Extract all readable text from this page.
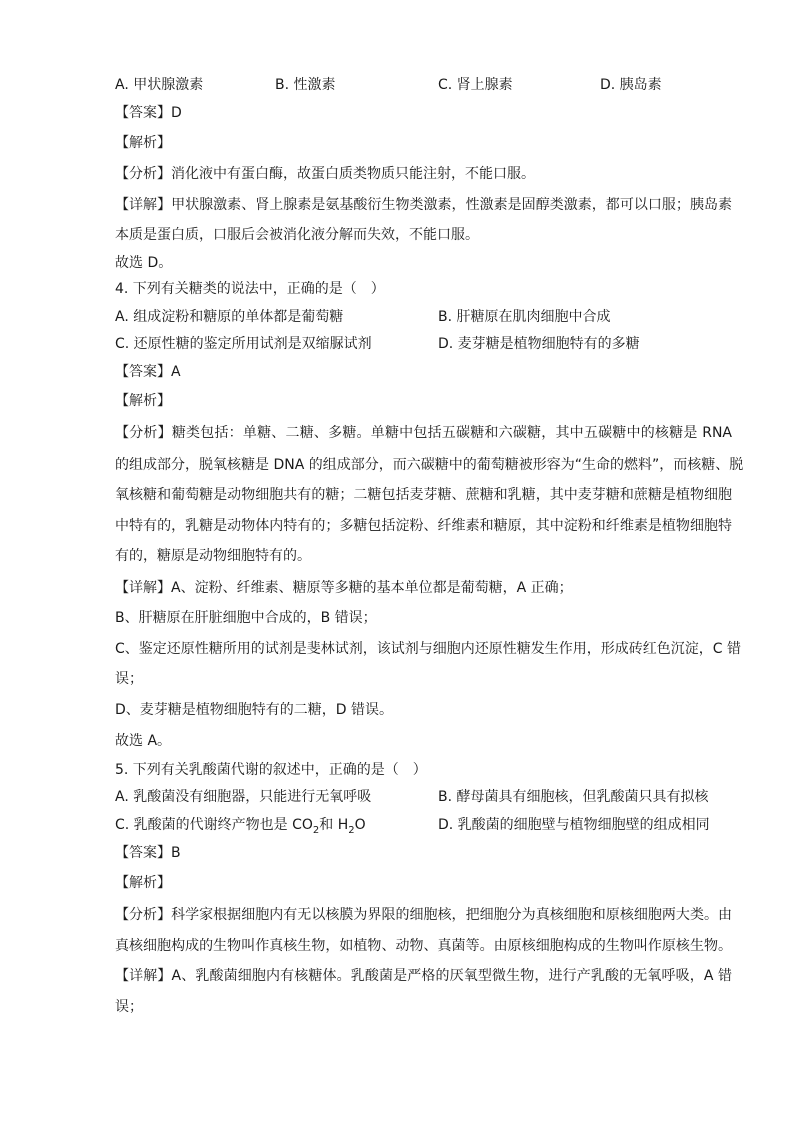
A. 甲状腺激素	B. 性激素	C. 肾上腺素	D. 胰岛素
【答案】D
【解析】
【分析】消化液中有蛋白酶，故蛋白质类物质只能注射，不能口服。
【详解】甲状腺激素、肾上腺素是氨基酸衍生物类激素，性激素是固醇类激素，都可以口服；胰岛素
本质是蛋白质，口服后会被消化液分解而失效，不能口服。
故选 D。
4. 下列有关糖类的说法中，正确的是（　）
A. 组成淀粉和糖原的单体都是葡萄糖	B. 肝糖原在肌肉细胞中合成
C. 还原性糖的鉴定所用试剂是双缩脲试剂	D. 麦芽糖是植物细胞特有的多糖
【答案】A
【解析】
【分析】糖类包括：单糖、二糖、多糖。单糖中包括五碳糖和六碳糖，其中五碳糖中的核糖是 RNA
的组成部分，脱氧核糖是 DNA 的组成部分，而六碳糖中的葡萄糖被形容为“生命的燃料”，而核糖、脱
氧核糖和葡萄糖是动物细胞共有的糖；二糖包括麦芽糖、蔗糖和乳糖，其中麦芽糖和蔗糖是植物细胞
中特有的，乳糖是动物体内特有的；多糖包括淀粉、纤维素和糖原，其中淀粉和纤维素是植物细胞特
有的，糖原是动物细胞特有的。
【详解】A、淀粉、纤维素、糖原等多糖的基本单位都是葡萄糖，A 正确；
B、肝糖原在肝脏细胞中合成的，B 错误；
C、鉴定还原性糖所用的试剂是斐林试剂，该试剂与细胞内还原性糖发生作用，形成砖红色沉淀，C 错
误；
D、麦芽糖是植物细胞特有的二糖，D 错误。
故选 A。
5. 下列有关乳酸菌代谢的叙述中，正确的是（　）
A. 乳酸菌没有细胞器，只能进行无氧呼吸	B. 酵母菌具有细胞核，但乳酸菌只具有拟核
C. 乳酸菌的代谢终产物也是 $CO_2$和 $H_2O$	D. 乳酸菌的细胞壁与植物细胞壁的组成相同
【答案】B
【解析】
【分析】科学家根据细胞内有无以核膜为界限的细胞核，把细胞分为真核细胞和原核细胞两大类。由
真核细胞构成的生物叫作真核生物，如植物、动物、真菌等。由原核细胞构成的生物叫作原核生物。
【详解】A、乳酸菌细胞内有核糖体。乳酸菌是严格的厌氧型微生物，进行产乳酸的无氧呼吸，A 错
误；
